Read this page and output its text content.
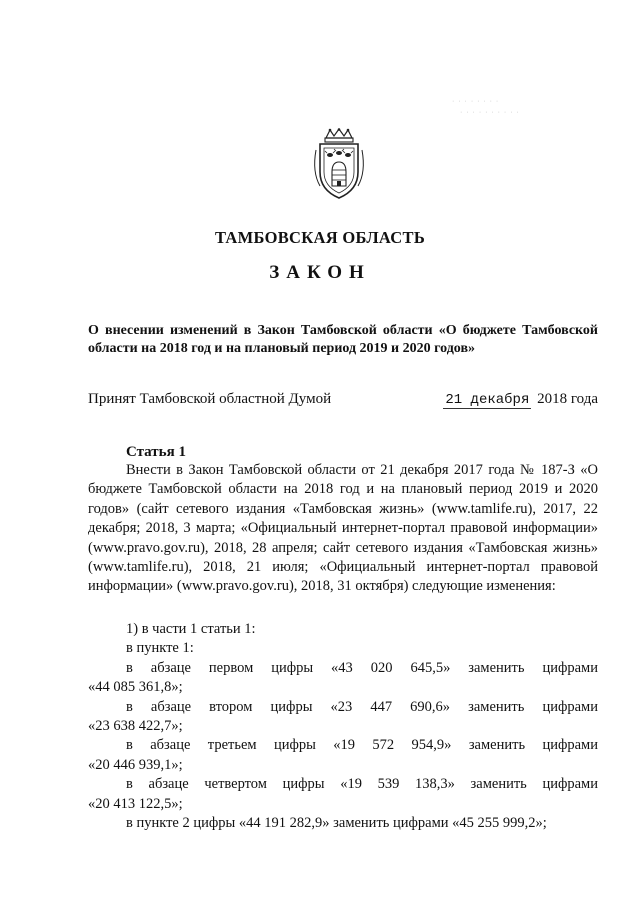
· · · · · · · ·
· · · · · · · · · ·
ТАМБОВСКАЯ ОБЛАСТЬ
ЗАКОН
О внесении изменений в Закон Тамбовской области «О бюджете Тамбовской области на 2018 год и на плановый период 2019 и 2020 годов»
Принят Тамбовской областной Думой	21 декабря 2018 года
Статья 1

Внести в Закон Тамбовской области от 21 декабря 2017 года № 187-З «О бюджете Тамбовской области на 2018 год и на плановый период 2019 и 2020 годов» (сайт сетевого издания «Тамбовская жизнь» (www.tamlife.ru), 2017, 22 декабря; 2018, 3 марта; «Официальный интернет-портал правовой информации» (www.pravo.gov.ru), 2018, 28 апреля; сайт сетевого издания «Тамбовская жизнь» (www.tamlife.ru), 2018, 21 июля; «Официальный интернет-портал правовой информации» (www.pravo.gov.ru), 2018, 31 октября) следующие изменения:

1) в части 1 статьи 1:

в пункте 1:

в абзаце первом цифры «43 020 645,5» заменить цифрами

«44 085 361,8»;

в абзаце втором цифры «23 447 690,6» заменить цифрами

«23 638 422,7»;

в абзаце третьем цифры «19 572 954,9» заменить цифрами

«20 446 939,1»;

в абзаце четвертом цифры «19 539 138,3» заменить цифрами

«20 413 122,5»;

в пункте 2 цифры «44 191 282,9» заменить цифрами «45 255 999,2»;
